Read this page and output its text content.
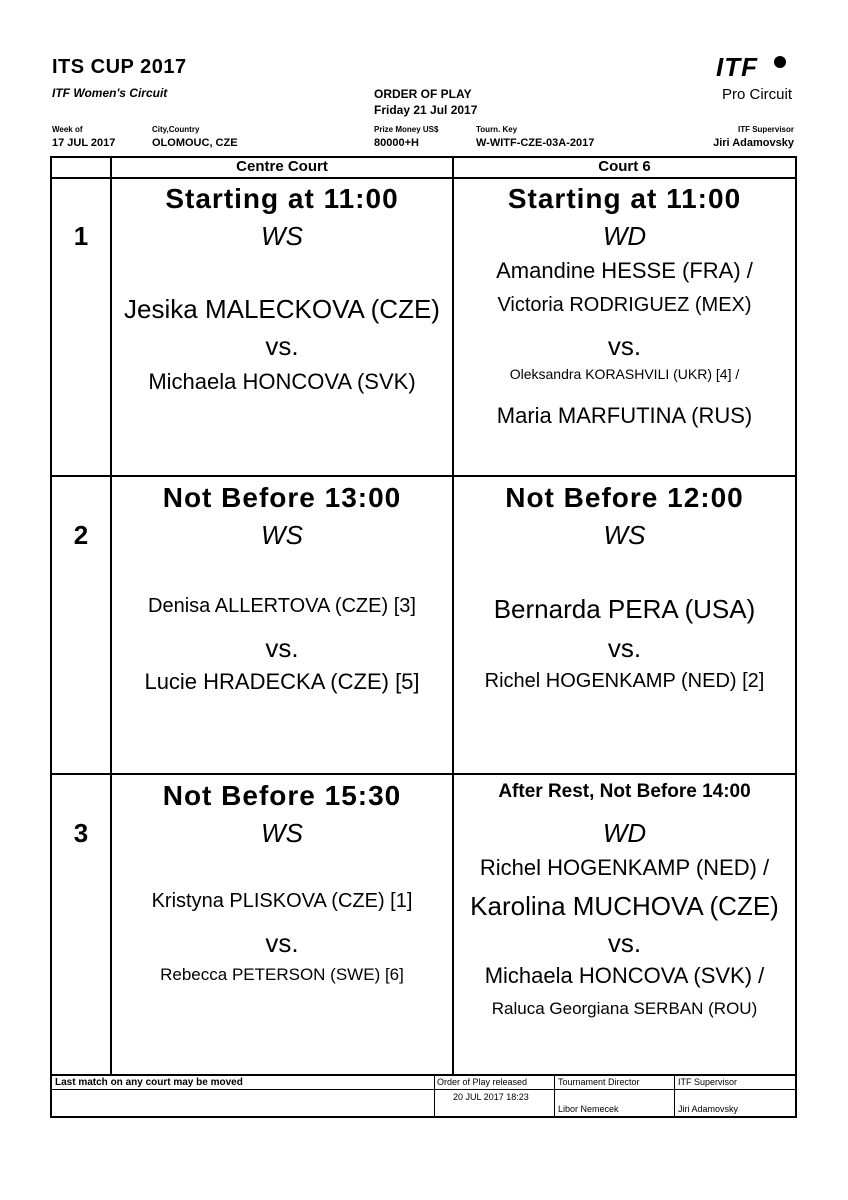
ITS CUP 2017
ITF Women's Circuit	ORDER OF PLAY
Friday 21 Jul 2017
ITF
Pro Circuit
Week of
17 JUL 2017
City,Country
OLOMOUC, CZE
Prize Money US$
80000+H
Tourn. Key
W-WITF-CZE-03A-2017
ITF Supervisor
Jiri Adamovsky
Centre Court	Court 6
1
Starting at 11:00
WS
Jesika MALECKOVA (CZE)
vs.
Michaela HONCOVA (SVK)
Starting at 11:00
WD
Amandine HESSE (FRA) /
Victoria RODRIGUEZ (MEX)
vs.
Oleksandra KORASHVILI (UKR) [4] /
Maria MARFUTINA (RUS)
2
Not Before 13:00
WS
Denisa ALLERTOVA (CZE) [3]
vs.
Lucie HRADECKA (CZE) [5]
Not Before 12:00
WS
Bernarda PERA (USA)
vs.
Richel HOGENKAMP (NED) [2]
3
Not Before 15:30
WS
Kristyna PLISKOVA (CZE) [1]
vs.
Rebecca PETERSON (SWE) [6]
After Rest, Not Before 14:00
WD
Richel HOGENKAMP (NED) /
Karolina MUCHOVA (CZE)
vs.
Michaela HONCOVA (SVK) /
Raluca Georgiana SERBAN (ROU)
Last match on any court may be moved	Order of Play released
20 JUL 2017 18:23
Tournament Director
Libor Nemecek
ITF Supervisor
Jiri Adamovsky
